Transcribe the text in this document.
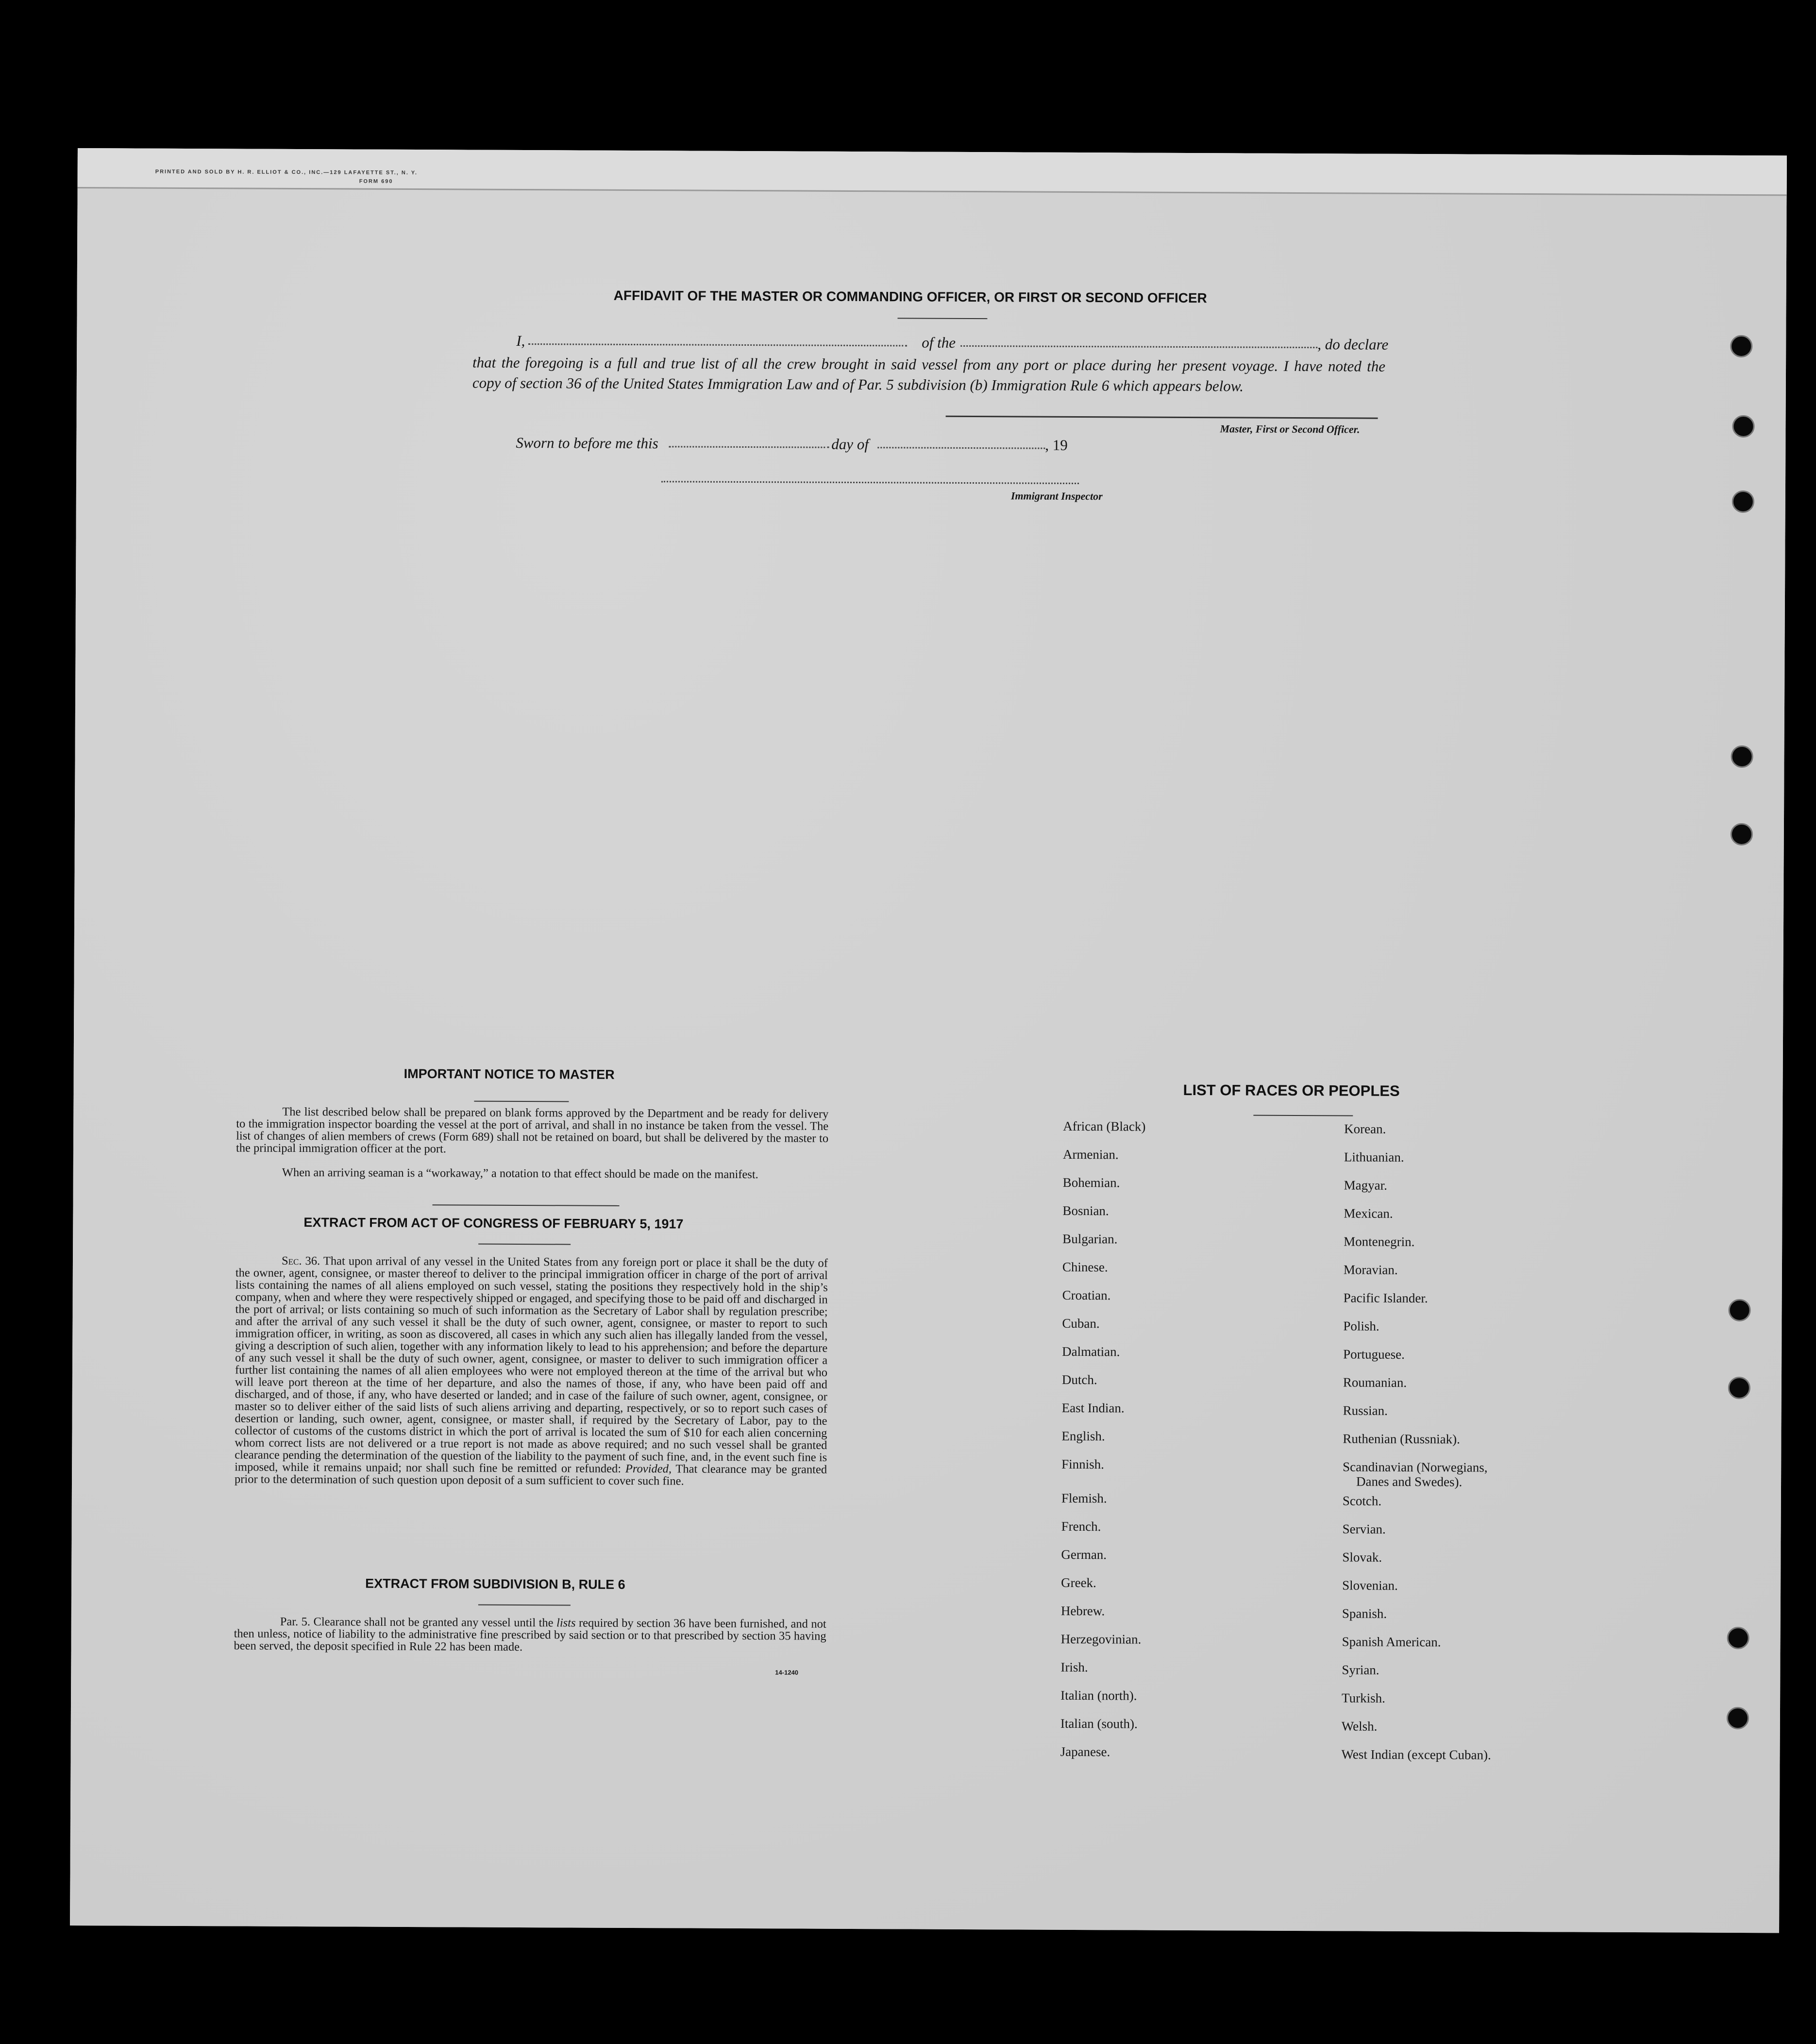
PRINTED AND SOLD BY H. R. ELLIOT & CO., INC.—129 LAFAYETTE ST., N. Y.
FORM 690
AFFIDAVIT OF THE MASTER OR COMMANDING OFFICER, OR FIRST OR SECOND OFFICER
I,	of the	, do declare
that the foregoing is a full and true list of all the crew brought in said vessel from any port or place during her present voyage. I have noted the
copy of section 36 of the United States Immigration Law and of Par. 5 subdivision (b) Immigration Rule 6 which appears below.
Master, First or Second Officer.
Sworn to before me this	day of	, 19
Immigrant Inspector
IMPORTANT NOTICE TO MASTER
The list described below shall be prepared on blank forms approved by the Department and be ready for delivery to the immigration inspector boarding the vessel at the port of arrival, and shall in no instance be taken from the vessel. The list of changes of alien members of crews (Form 689) shall not be retained on board, but shall be delivered by the master to the principal immigration officer at the port.
When an arriving seaman is a “workaway,” a notation to that effect should be made on the manifest.
EXTRACT FROM ACT OF CONGRESS OF FEBRUARY 5, 1917
Sec. 36. That upon arrival of any vessel in the United States from any foreign port or place it shall be the duty of the owner, agent, consignee, or master thereof to deliver to the principal immigration officer in charge of the port of arrival lists containing the names of all aliens employed on such vessel, stating the positions they respectively hold in the ship’s company, when and where they were respectively shipped or engaged, and specifying those to be paid off and discharged in the port of arrival; or lists containing so much of such information as the Secretary of Labor shall by regulation prescribe; and after the arrival of any such vessel it shall be the duty of such owner, agent, consignee, or master to report to such immigration officer, in writing, as soon as discovered, all cases in which any such alien has illegally landed from the vessel, giving a description of such alien, together with any information likely to lead to his apprehension; and before the departure of any such vessel it shall be the duty of such owner, agent, consignee, or master to deliver to such immigration officer a further list containing the names of all alien employees who were not employed thereon at the time of the arrival but who will leave port thereon at the time of her departure, and also the names of those, if any, who have been paid off and discharged, and of those, if any, who have deserted or landed; and in case of the failure of such owner, agent, consignee, or master so to deliver either of the said lists of such aliens arriving and departing, respectively, or so to report such cases of desertion or landing, such owner, agent, consignee, or master shall, if required by the Secretary of Labor, pay to the collector of customs of the customs district in which the port of arrival is located the sum of $10 for each alien concerning whom correct lists are not delivered or a true report is not made as above required; and no such vessel shall be granted clearance pending the determination of the question of the liability to the payment of such fine, and, in the event such fine is imposed, while it remains unpaid; nor shall such fine be remitted or refunded: Provided, That clearance may be granted prior to the determination of such question upon deposit of a sum sufficient to cover such fine.
EXTRACT FROM SUBDIVISION B, RULE 6
Par. 5. Clearance shall not be granted any vessel until the lists required by section 36 have been furnished, and not then unless, notice of liability to the administrative fine prescribed by said section or to that prescribed by section 35 having been served, the deposit specified in Rule 22 has been made.
14-1240
LIST OF RACES OR PEOPLES
African (Black)
Armenian.
Bohemian.
Bosnian.
Bulgarian.
Chinese.
Croatian.
Cuban.
Dalmatian.
Dutch.
East Indian.
English.
Finnish.
Flemish.
French.
German.
Greek.
Hebrew.
Herzegovinian.
Irish.
Italian (north).
Italian (south).
Japanese.
Korean.
Lithuanian.
Magyar.
Mexican.
Montenegrin.
Moravian.
Pacific Islander.
Polish.
Portuguese.
Roumanian.
Russian.
Ruthenian (Russniak).
Scandinavian (Norwegians,
Scotch.
Servian.
Slovak.
Slovenian.
Spanish.
Spanish American.
Syrian.
Turkish.
Welsh.
West Indian (except Cuban).
Danes and Swedes).
